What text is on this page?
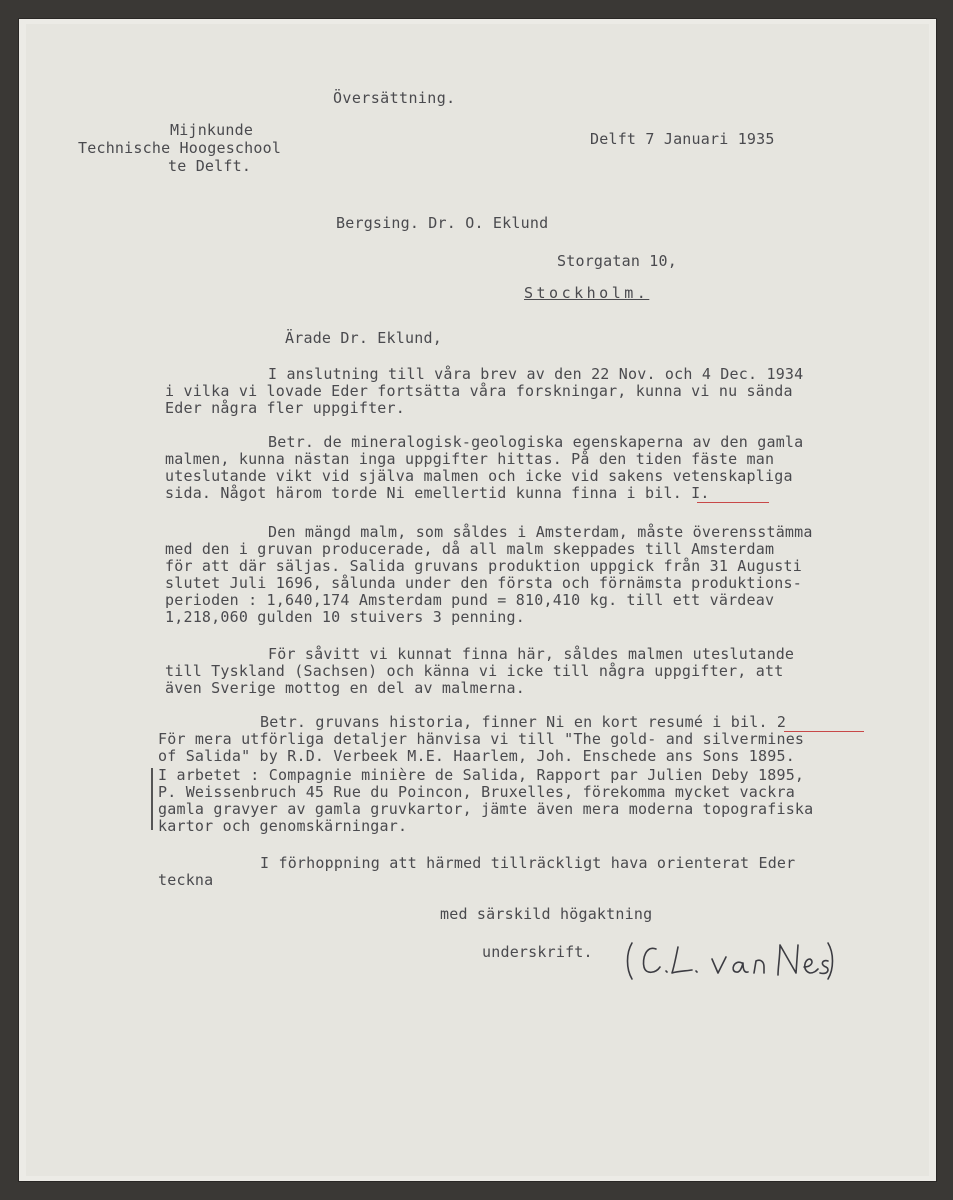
Översättning.
Mijnkunde
Technische Hoogeschool
te Delft.
Delft 7 Januari 1935
Bergsing. Dr. O. Eklund
Storgatan 10,
Stockholm.
Ärade Dr. Eklund,
I anslutning till våra brev av den 22 Nov. och 4 Dec. 1934
i vilka vi lovade Eder fortsätta våra forskningar, kunna vi nu sända
Eder några fler uppgifter.
Betr. de mineralogisk-geologiska egenskaperna av den gamla
malmen, kunna nästan inga uppgifter hittas. På den tiden fäste man
uteslutande vikt vid själva malmen och icke vid sakens vetenskapliga
sida. Något härom torde Ni emellertid kunna finna i bil. I.
Den mängd malm, som såldes i Amsterdam, måste överensstämma
med den i gruvan producerade, då all malm skeppades till Amsterdam
för att där säljas. Salida gruvans produktion uppgick från 31 Augusti
slutet Juli 1696, sålunda under den första och förnämsta produktions-
perioden : 1,640,174 Amsterdam pund = 810,410 kg. till ett värdeav
1,218,060 gulden 10 stuivers 3 penning.
För såvitt vi kunnat finna här, såldes malmen uteslutande
till Tyskland (Sachsen) och känna vi icke till några uppgifter, att
även Sverige mottog en del av malmerna.
Betr. gruvans historia, finner Ni en kort resumé i bil. 2
För mera utförliga detaljer hänvisa vi till "The gold- and silvermines
of Salida" by R.D. Verbeek M.E. Haarlem, Joh. Enschede ans Sons 1895.
I arbetet : Compagnie minière de Salida, Rapport par Julien Deby 1895,
P. Weissenbruch 45 Rue du Poincon, Bruxelles, förekomma mycket vackra
gamla gravyer av gamla gruvkartor, jämte även mera moderna topografiska
kartor och genomskärningar.
I förhoppning att härmed tillräckligt hava orienterat Eder
teckna
med särskild högaktning
underskrift.
